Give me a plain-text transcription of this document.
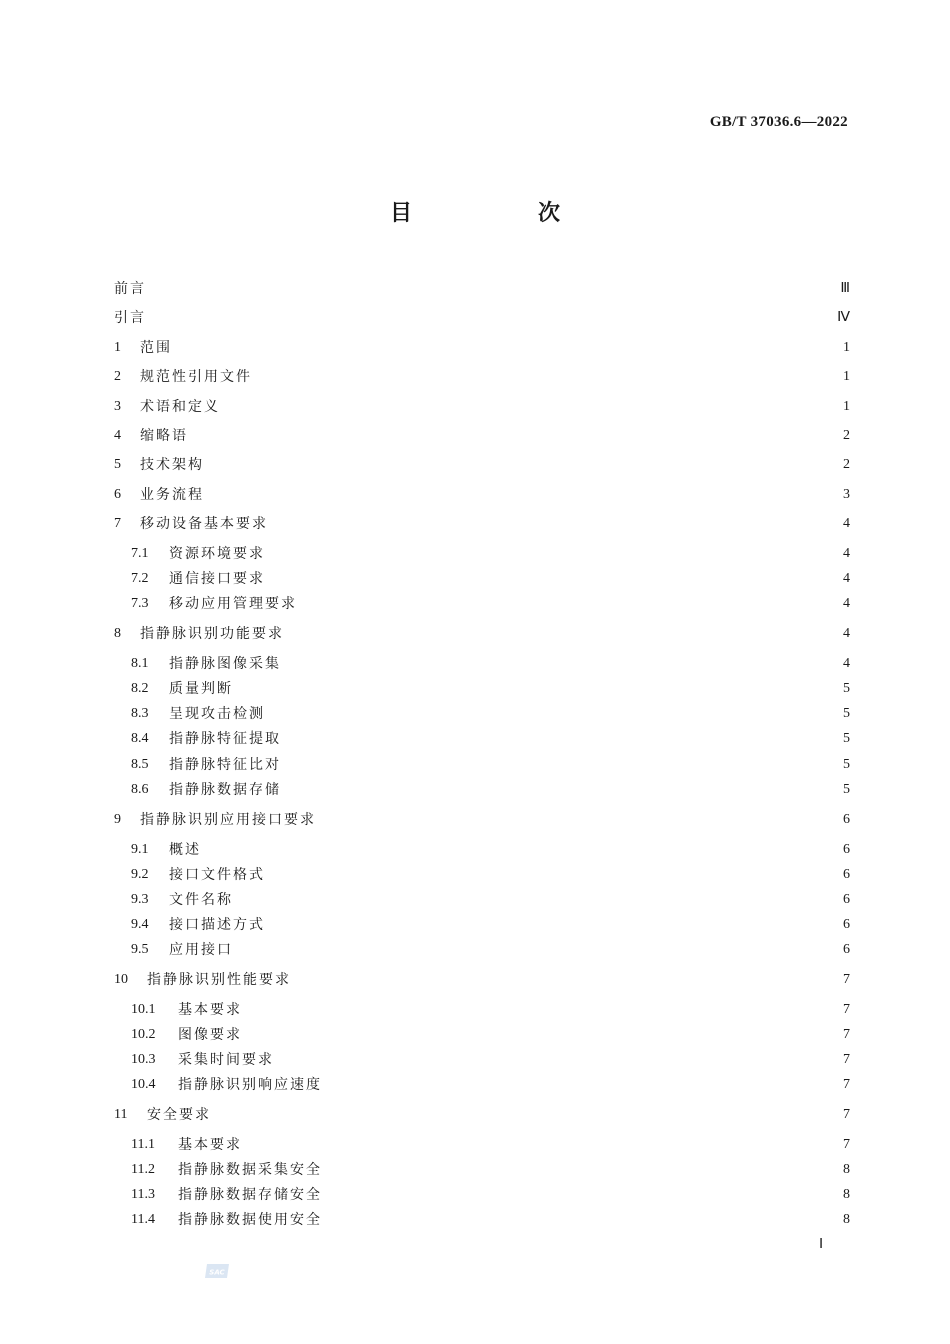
GB/T 37036.6—2022
目　次
前言	Ⅲ
引言	Ⅳ
1	范围	1
2	规范性引用文件	1
3	术语和定义	1
4	缩略语	2
5	技术架构	2
6	业务流程	3
7	移动设备基本要求	4
7.1	资源环境要求	4
7.2	通信接口要求	4
7.3	移动应用管理要求	4
8	指静脉识别功能要求	4
8.1	指静脉图像采集	4
8.2	质量判断	5
8.3	呈现攻击检测	5
8.4	指静脉特征提取	5
8.5	指静脉特征比对	5
8.6	指静脉数据存储	5
9	指静脉识别应用接口要求	6
9.1	概述	6
9.2	接口文件格式	6
9.3	文件名称	6
9.4	接口描述方式	6
9.5	应用接口	6
10	指静脉识别性能要求	7
10.1	基本要求	7
10.2	图像要求	7
10.3	采集时间要求	7
10.4	指静脉识别响应速度	7
11	安全要求	7
11.1	基本要求	7
11.2	指静脉数据采集安全	8
11.3	指静脉数据存储安全	8
11.4	指静脉数据使用安全	8
Ⅰ
SAC
